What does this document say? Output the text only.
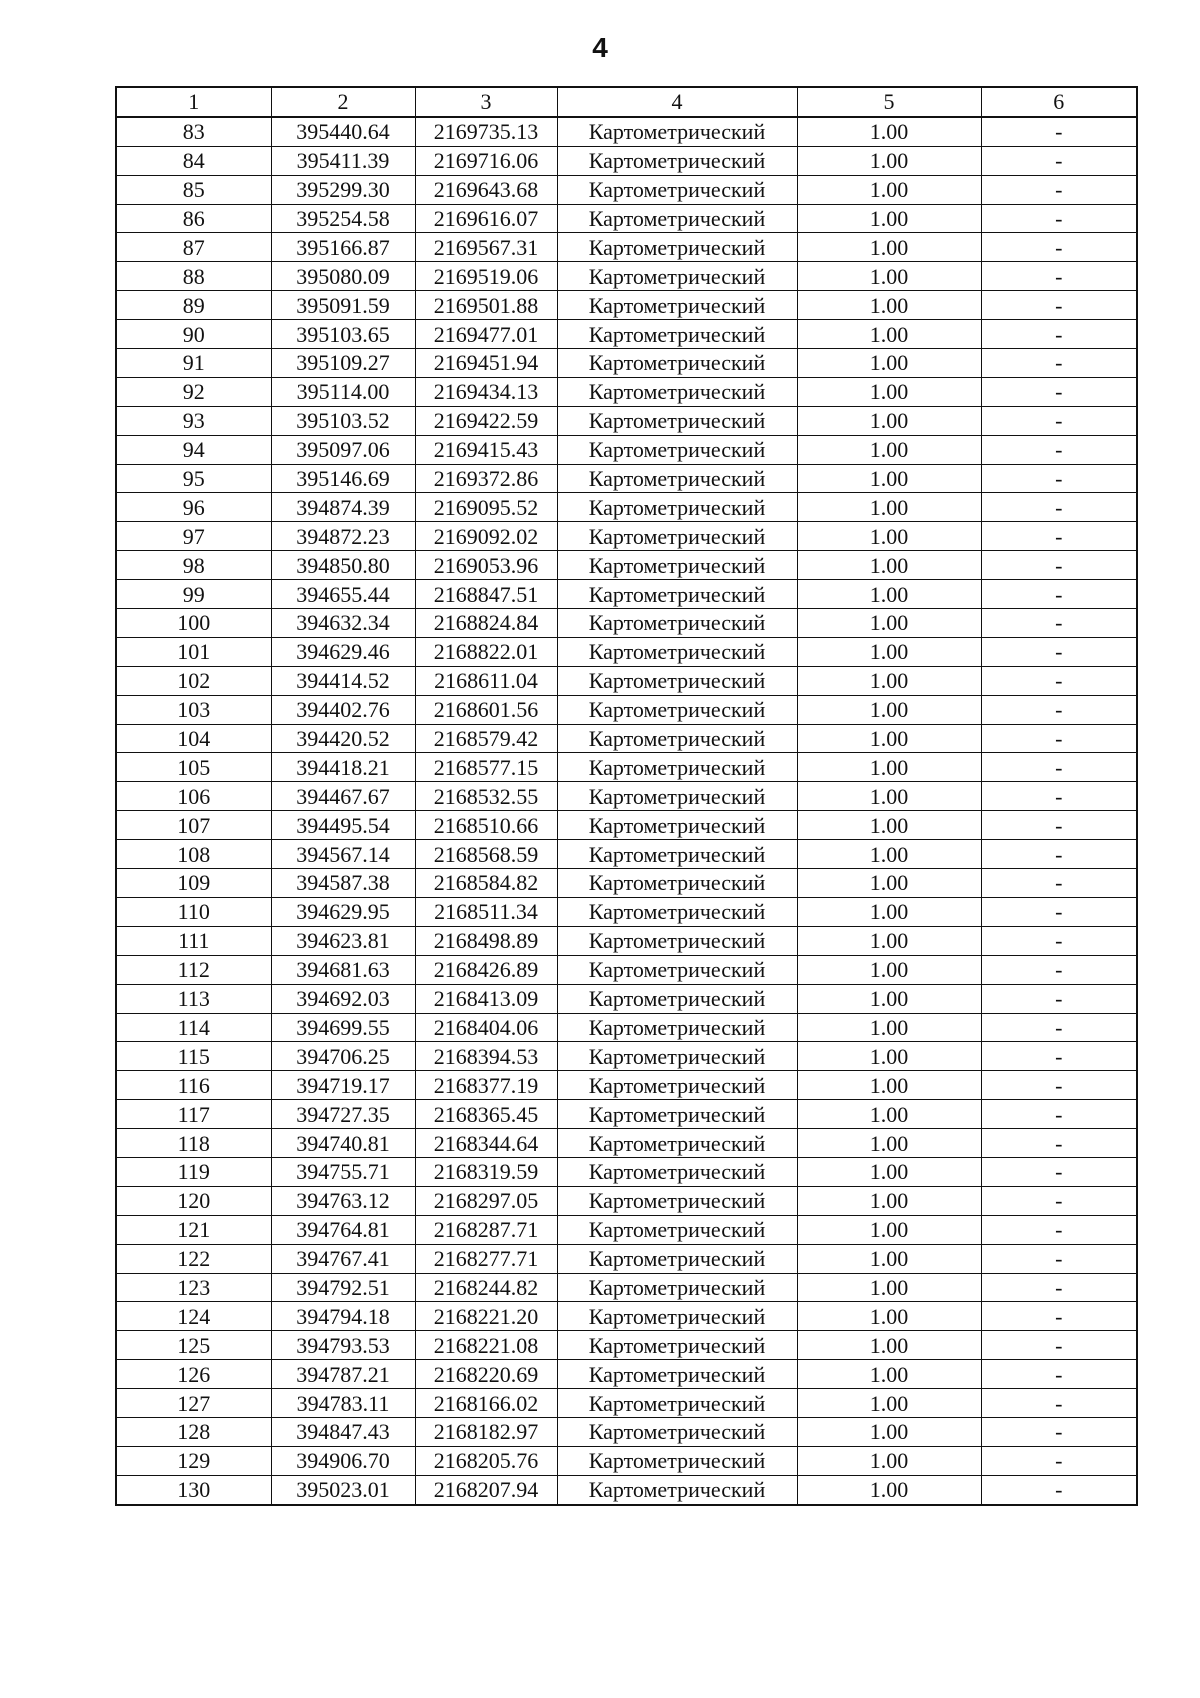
4
1	2	3	4	5	6
83	395440.64	2169735.13	Картометрический	1.00	-
84	395411.39	2169716.06	Картометрический	1.00	-
85	395299.30	2169643.68	Картометрический	1.00	-
86	395254.58	2169616.07	Картометрический	1.00	-
87	395166.87	2169567.31	Картометрический	1.00	-
88	395080.09	2169519.06	Картометрический	1.00	-
89	395091.59	2169501.88	Картометрический	1.00	-
90	395103.65	2169477.01	Картометрический	1.00	-
91	395109.27	2169451.94	Картометрический	1.00	-
92	395114.00	2169434.13	Картометрический	1.00	-
93	395103.52	2169422.59	Картометрический	1.00	-
94	395097.06	2169415.43	Картометрический	1.00	-
95	395146.69	2169372.86	Картометрический	1.00	-
96	394874.39	2169095.52	Картометрический	1.00	-
97	394872.23	2169092.02	Картометрический	1.00	-
98	394850.80	2169053.96	Картометрический	1.00	-
99	394655.44	2168847.51	Картометрический	1.00	-
100	394632.34	2168824.84	Картометрический	1.00	-
101	394629.46	2168822.01	Картометрический	1.00	-
102	394414.52	2168611.04	Картометрический	1.00	-
103	394402.76	2168601.56	Картометрический	1.00	-
104	394420.52	2168579.42	Картометрический	1.00	-
105	394418.21	2168577.15	Картометрический	1.00	-
106	394467.67	2168532.55	Картометрический	1.00	-
107	394495.54	2168510.66	Картометрический	1.00	-
108	394567.14	2168568.59	Картометрический	1.00	-
109	394587.38	2168584.82	Картометрический	1.00	-
110	394629.95	2168511.34	Картометрический	1.00	-
111	394623.81	2168498.89	Картометрический	1.00	-
112	394681.63	2168426.89	Картометрический	1.00	-
113	394692.03	2168413.09	Картометрический	1.00	-
114	394699.55	2168404.06	Картометрический	1.00	-
115	394706.25	2168394.53	Картометрический	1.00	-
116	394719.17	2168377.19	Картометрический	1.00	-
117	394727.35	2168365.45	Картометрический	1.00	-
118	394740.81	2168344.64	Картометрический	1.00	-
119	394755.71	2168319.59	Картометрический	1.00	-
120	394763.12	2168297.05	Картометрический	1.00	-
121	394764.81	2168287.71	Картометрический	1.00	-
122	394767.41	2168277.71	Картометрический	1.00	-
123	394792.51	2168244.82	Картометрический	1.00	-
124	394794.18	2168221.20	Картометрический	1.00	-
125	394793.53	2168221.08	Картометрический	1.00	-
126	394787.21	2168220.69	Картометрический	1.00	-
127	394783.11	2168166.02	Картометрический	1.00	-
128	394847.43	2168182.97	Картометрический	1.00	-
129	394906.70	2168205.76	Картометрический	1.00	-
130	395023.01	2168207.94	Картометрический	1.00	-
